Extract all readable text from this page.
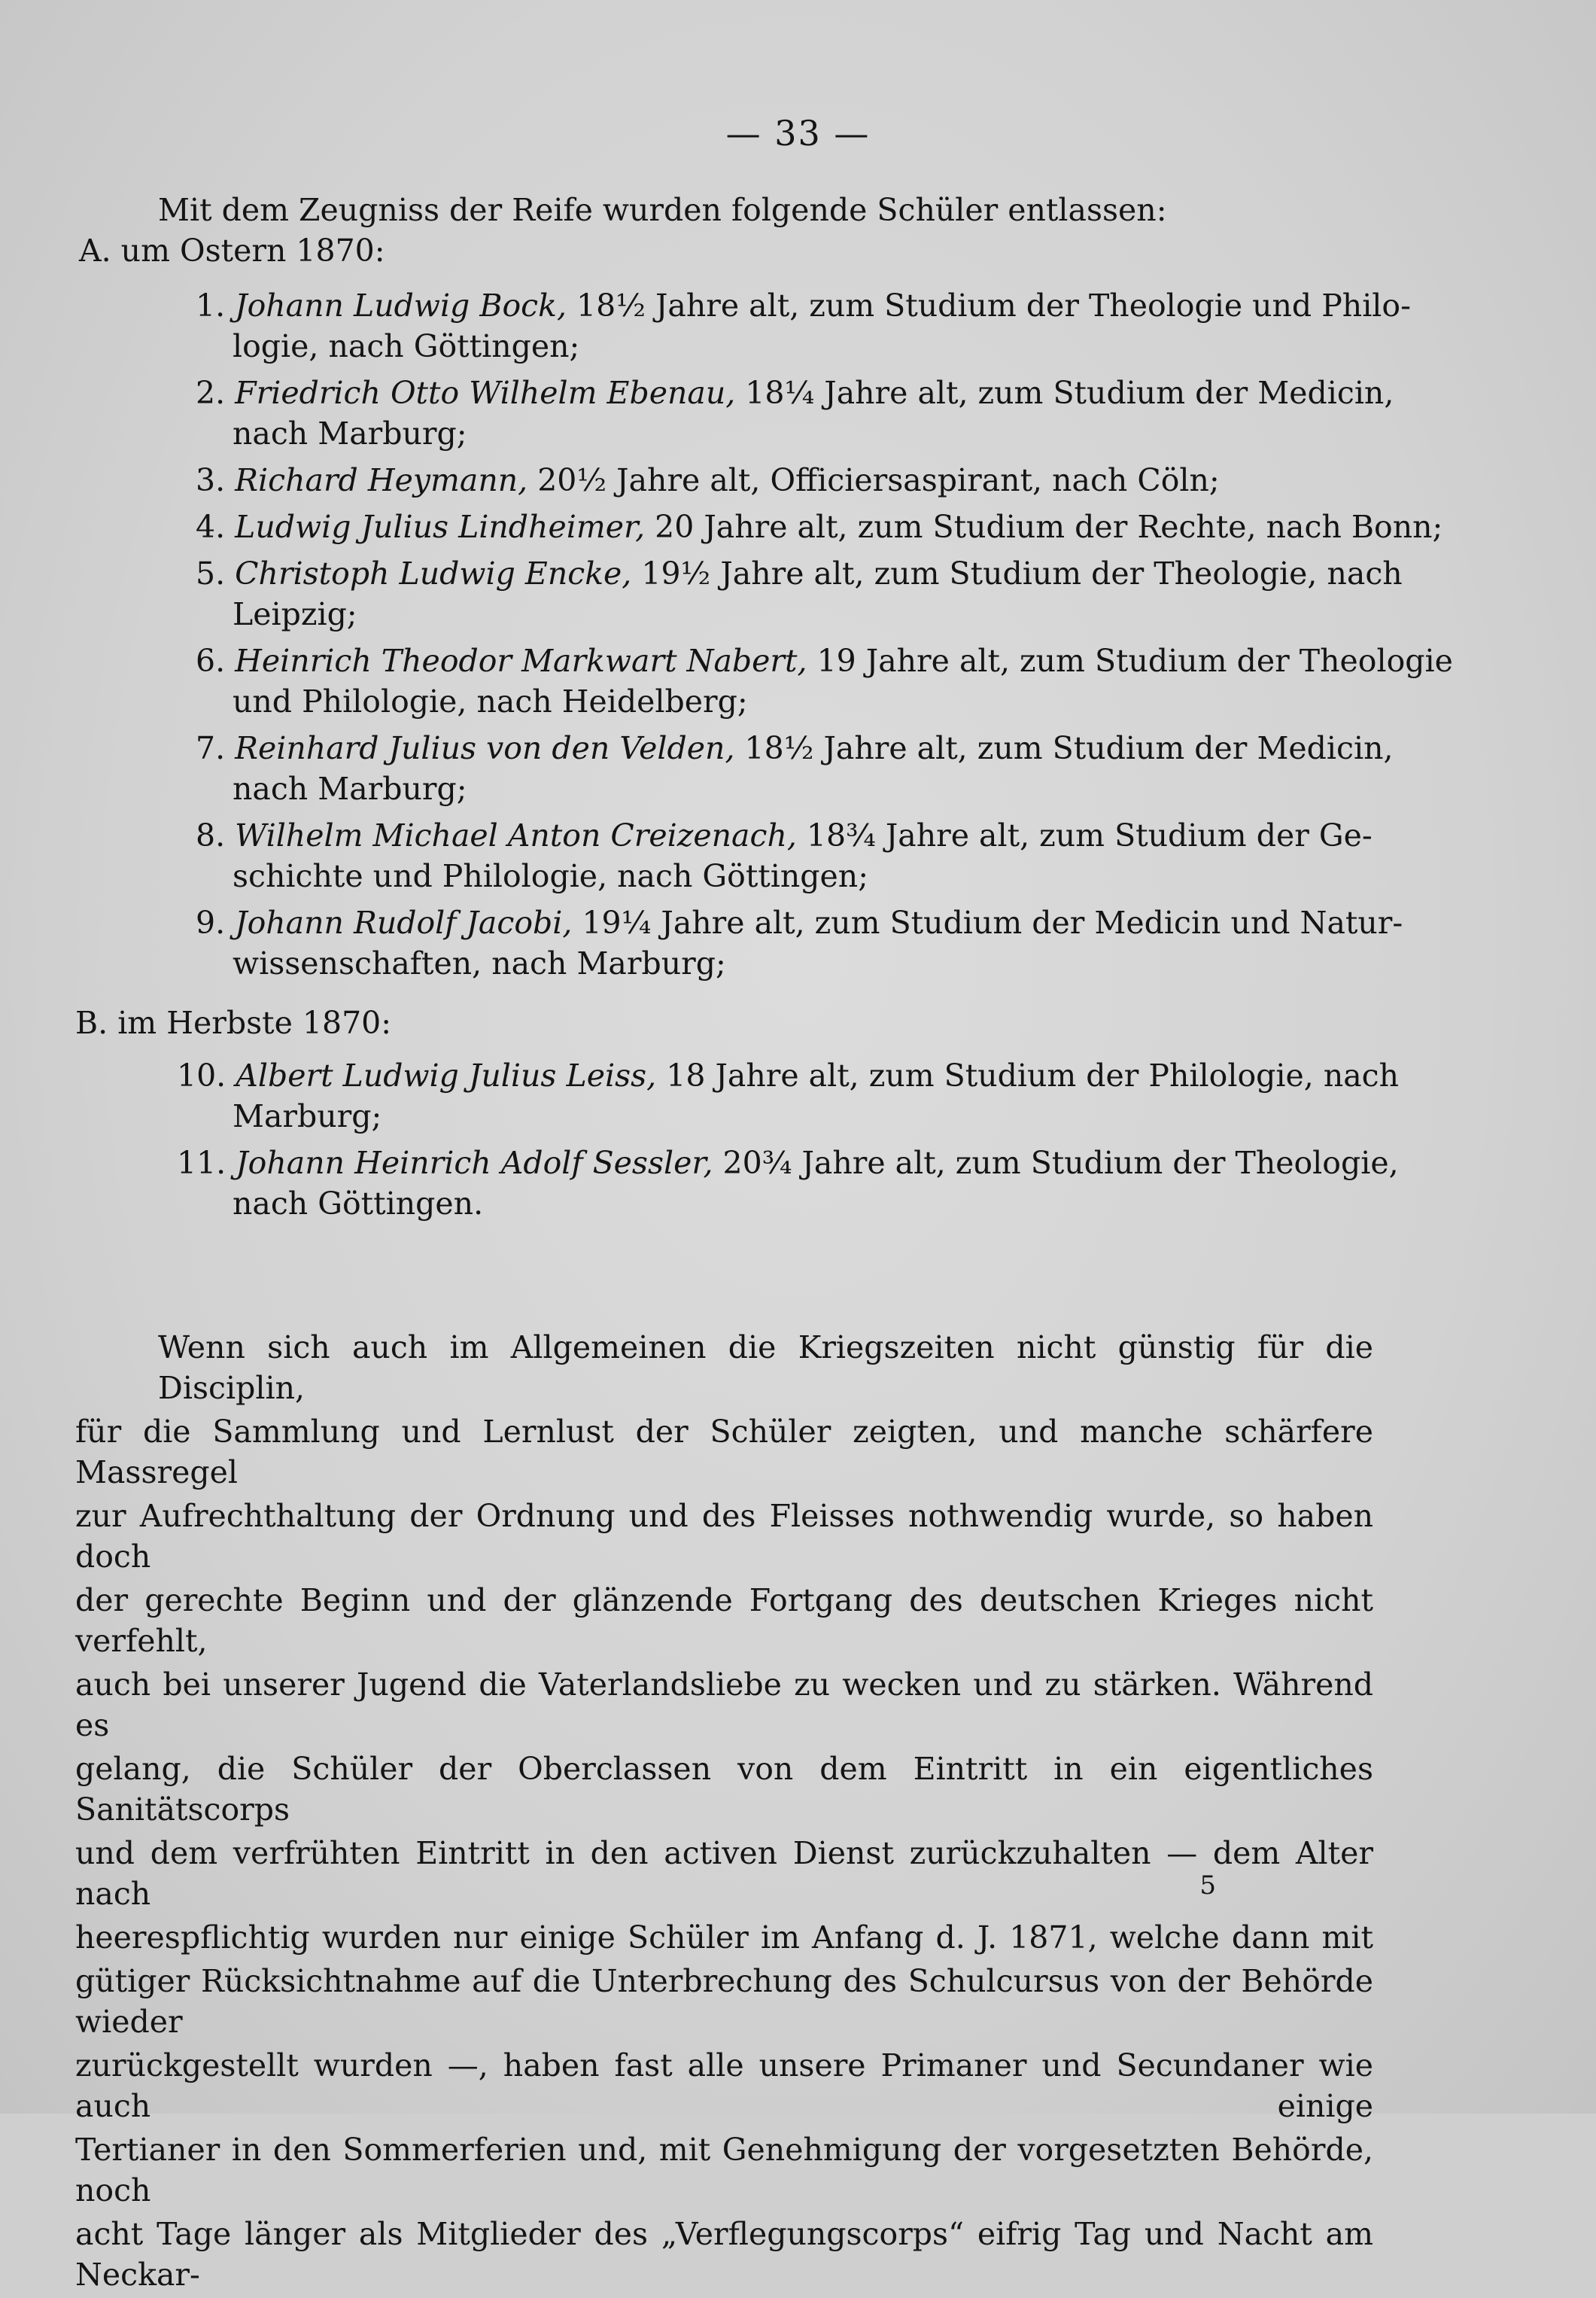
— 33 —
Mit dem Zeugniss der Reife wurden folgende Schüler entlassen:
A. um Ostern 1870:
1. Johann Ludwig Bock, 18½ Jahre alt, zum Studium der Theologie und Philo-
logie, nach Göttingen;
2. Friedrich Otto Wilhelm Ebenau, 18¼ Jahre alt, zum Studium der Medicin,
nach Marburg;
3. Richard Heymann, 20½ Jahre alt, Officiersaspirant, nach Cöln;
4. Ludwig Julius Lindheimer, 20 Jahre alt, zum Studium der Rechte, nach Bonn;
5. Christoph Ludwig Encke, 19½ Jahre alt, zum Studium der Theologie, nach
Leipzig;
6. Heinrich Theodor Markwart Nabert, 19 Jahre alt, zum Studium der Theologie
und Philologie, nach Heidelberg;
7. Reinhard Julius von den Velden, 18½ Jahre alt, zum Studium der Medicin,
nach Marburg;
8. Wilhelm Michael Anton Creizenach, 18¾ Jahre alt, zum Studium der Ge-
schichte und Philologie, nach Göttingen;
9. Johann Rudolf Jacobi, 19¼ Jahre alt, zum Studium der Medicin und Natur-
wissenschaften, nach Marburg;
B. im Herbste 1870:
10. Albert Ludwig Julius Leiss, 18 Jahre alt, zum Studium der Philologie, nach
Marburg;
11. Johann Heinrich Adolf Sessler, 20¾ Jahre alt, zum Studium der Theologie,
nach Göttingen.
Wenn sich auch im Allgemeinen die Kriegszeiten nicht günstig für die Disciplin,
für die Sammlung und Lernlust der Schüler zeigten, und manche schärfere Massregel
zur Aufrechthaltung der Ordnung und des Fleisses nothwendig wurde, so haben doch
der gerechte Beginn und der glänzende Fortgang des deutschen Krieges nicht verfehlt,
auch bei unserer Jugend die Vaterlandsliebe zu wecken und zu stärken. Während es
gelang, die Schüler der Oberclassen von dem Eintritt in ein eigentliches Sanitätscorps
und dem verfrühten Eintritt in den activen Dienst zurückzuhalten — dem Alter nach
heerespflichtig wurden nur einige Schüler im Anfang d. J. 1871, welche dann mit
gütiger Rücksichtnahme auf die Unterbrechung des Schulcursus von der Behörde wieder
zurückgestellt wurden —, haben fast alle unsere Primaner und Secundaner wie auch einige
Tertianer in den Sommerferien und, mit Genehmigung der vorgesetzten Behörde, noch
acht Tage länger als Mitglieder des „Verflegungscorps“ eifrig Tag und Nacht am Neckar-
5
